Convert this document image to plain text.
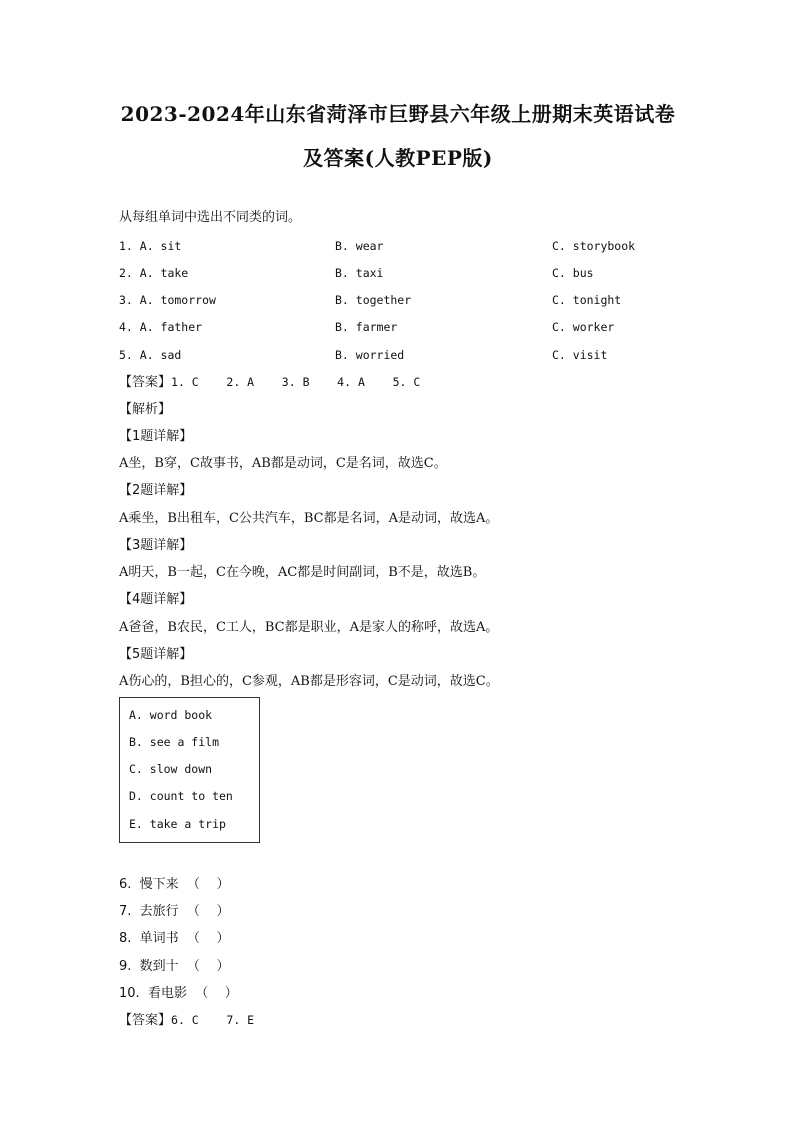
2023-2024年山东省菏泽市巨野县六年级上册期末英语试卷
及答案(人教PEP版)
从每组单词中选出不同类的词。
1. A. sit	B. wear	C. storybook
2. A. take	B. taxi	C. bus
3. A. tomorrow	B. together	C. tonight
4. A. father	B. farmer	C. worker
5. A. sad	B. worried	C. visit
【答案】1. C    2. A    3. B    4. A    5. C
【解析】
【1题详解】
A坐，B穿，C故事书，AB都是动词，C是名词，故选C。
【2题详解】
A乘坐，B出租车，C公共汽车，BC都是名词，A是动词，故选A。
【3题详解】
A明天，B一起，C在今晚，AC都是时间副词，B不是，故选B。
【4题详解】
A爸爸，B农民，C工人，BC都是职业，A是家人的称呼，故选A。
【5题详解】
A伤心的，B担心的，C参观，AB都是形容词，C是动词，故选C。
A. word book
B. see a film
C. slow down
D. count to ten
E. take a trip
6.  慢下来  （    ）
7.  去旅行  （    ）
8.  单词书  （    ）
9.  数到十  （    ）
10.  看电影  （    ）
【答案】6. C    7. E
